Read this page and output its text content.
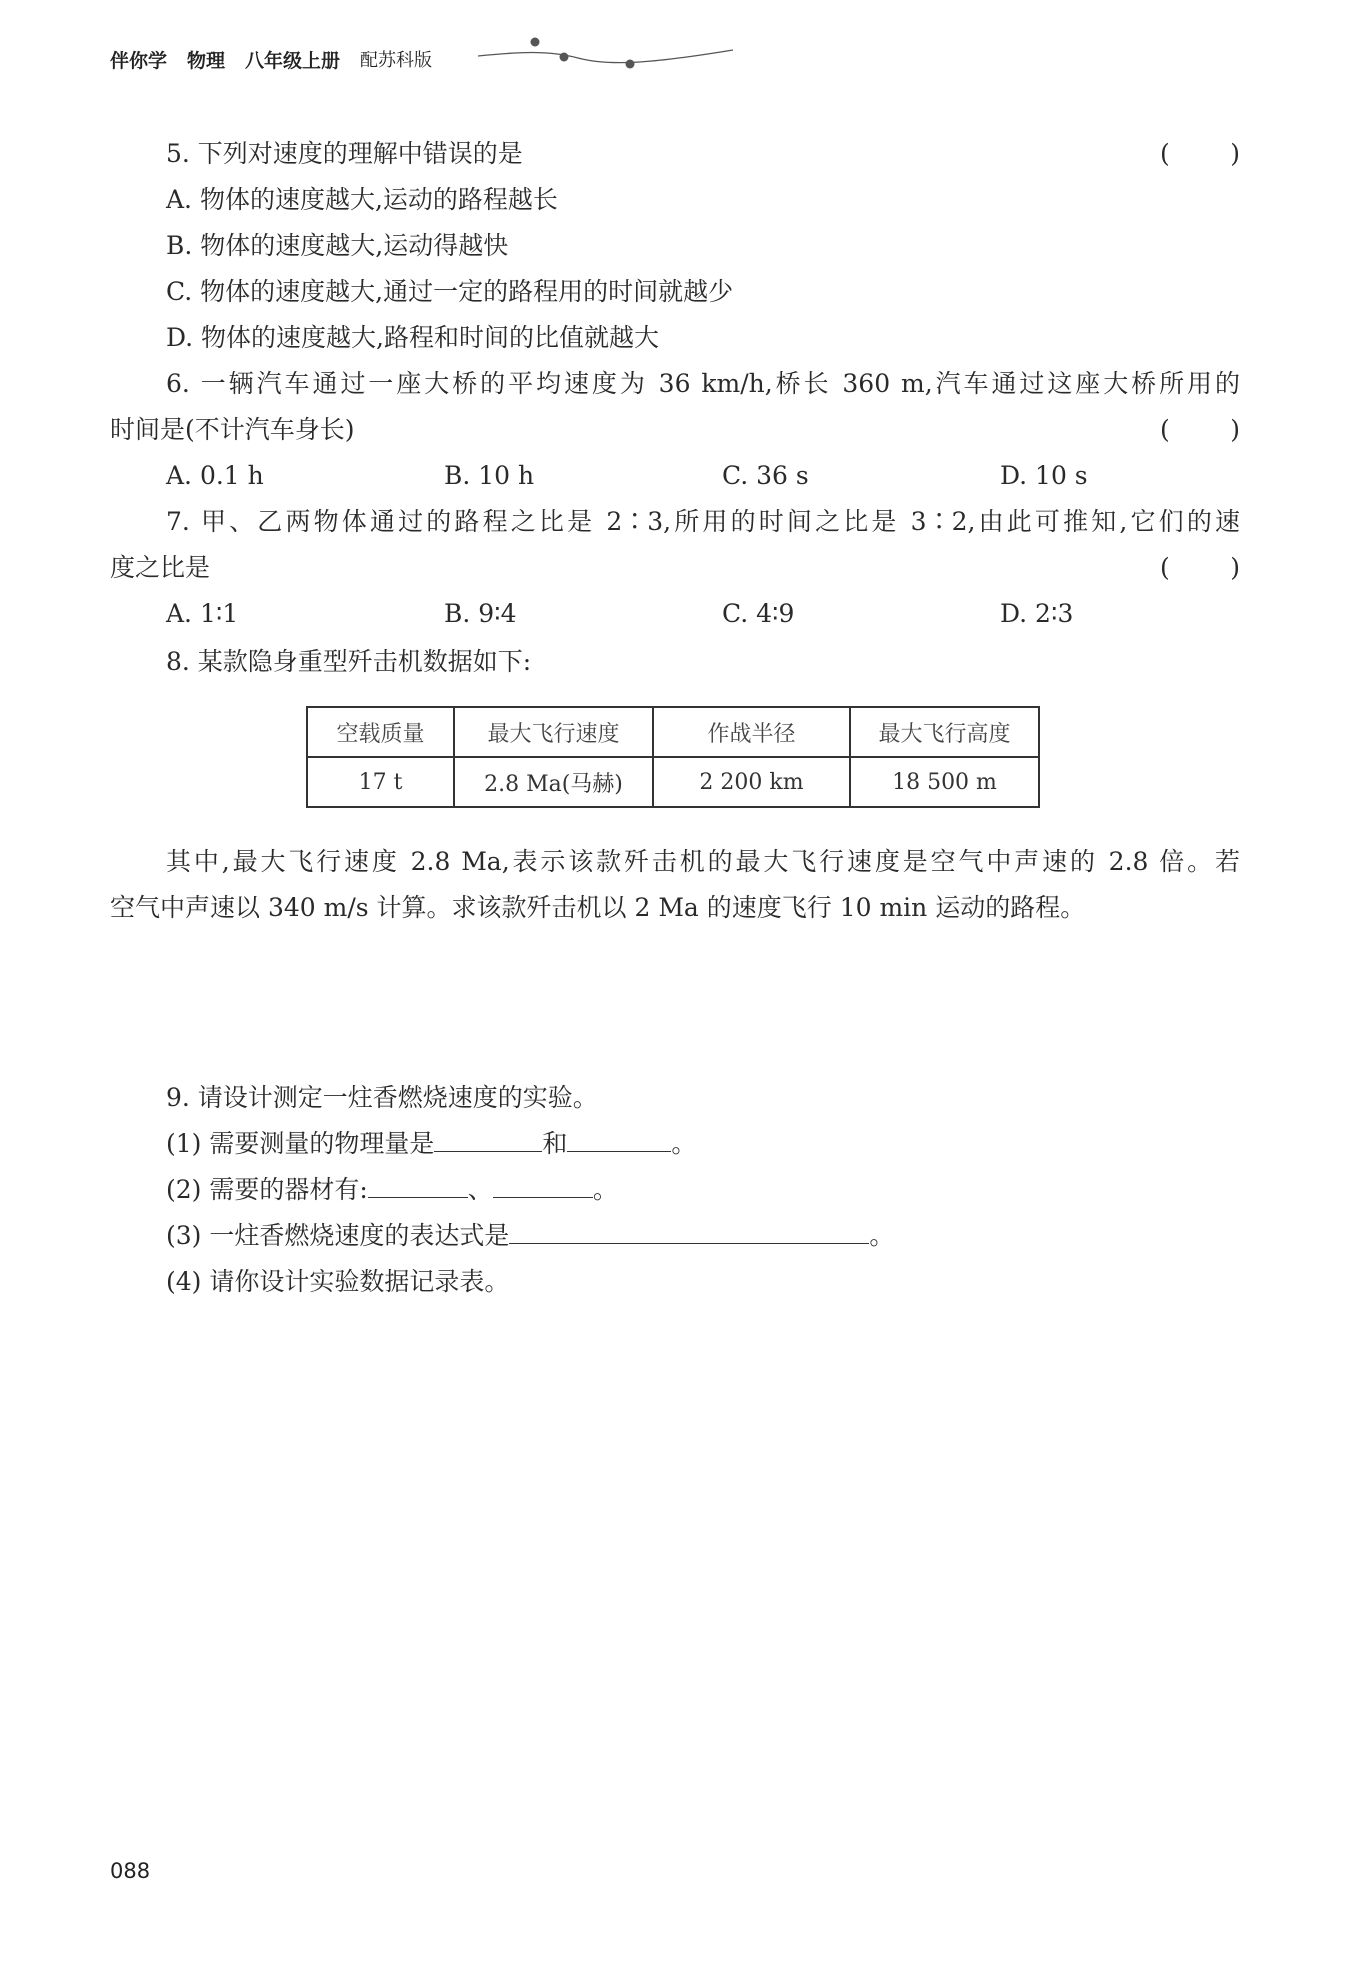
伴你学 物理 八年级上册 配苏科版
5. 下列对速度的理解中错误的是	( )
A. 物体的速度越大,运动的路程越长
B. 物体的速度越大,运动得越快
C. 物体的速度越大,通过一定的路程用的时间就越少
D. 物体的速度越大,路程和时间的比值就越大
6. 一辆汽车通过一座大桥的平均速度为 36 km/h,桥长 360 m,汽车通过这座大桥所用的
时间是(不计汽车身长)	( )
A. 0.1 h	B. 10 h	C. 36 s	D. 10 s
7. 甲、乙两物体通过的路程之比是 2∶3,所用的时间之比是 3∶2,由此可推知,它们的速
度之比是	( )
A. 1∶1	B. 9∶4	C. 4∶9	D. 2∶3
8. 某款隐身重型歼击机数据如下:
空载质量	最大飞行速度	作战半径	最大飞行高度
17 t	2.8 Ma(马赫)	2 200 km	18 500 m
其中,最大飞行速度 2.8 Ma,表示该款歼击机的最大飞行速度是空气中声速的 2.8 倍。若
空气中声速以 340 m/s 计算。求该款歼击机以 2 Ma 的速度飞行 10 min 运动的路程。
9. 请设计测定一炷香燃烧速度的实验。
(1) 需要测量的物理量是	和	。
(2) 需要的器材有:	、	。
(3) 一炷香燃烧速度的表达式是	。
(4) 请你设计实验数据记录表。
088
